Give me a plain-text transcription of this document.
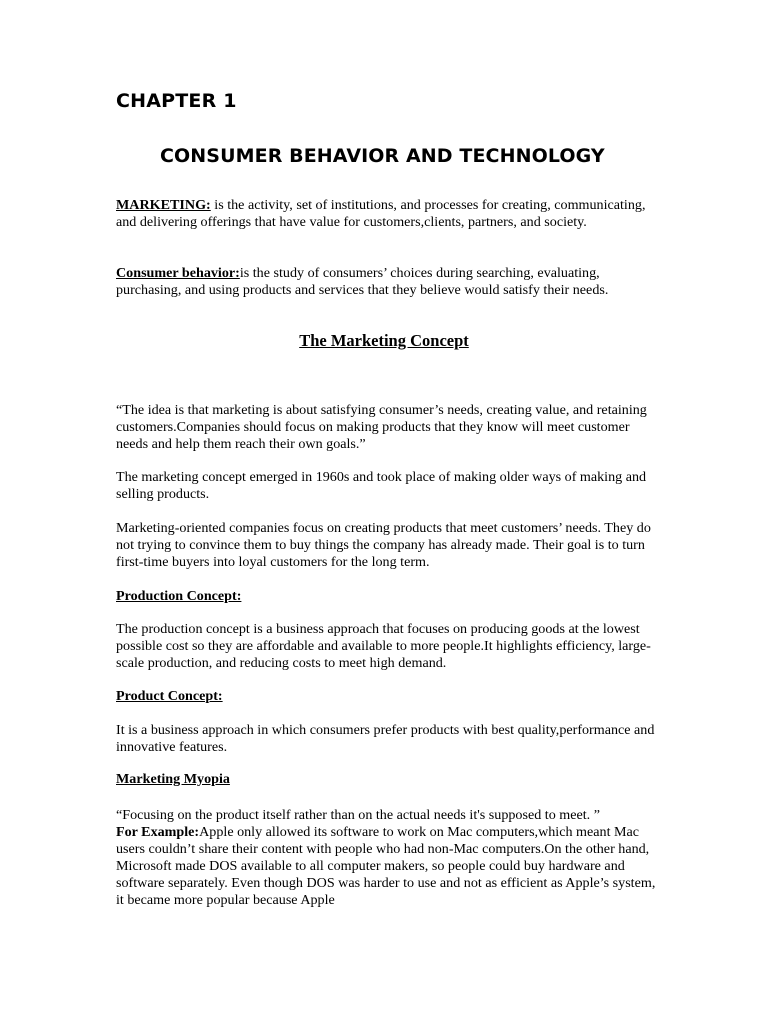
CHAPTER 1
CONSUMER BEHAVIOR AND TECHNOLOGY

MARKETING: is the activity, set of institutions, and processes for creating, communicating, and delivering offerings that have value for customers,clients, partners, and society.

Consumer behavior:is the study of consumers’ choices during searching, evaluating, purchasing, and using products and services that they believe would satisfy their needs.

The Marketing Concept

“The idea is that marketing is about satisfying consumer’s needs, creating value, and retaining customers.Companies should focus on making products that they know will meet customer needs and help them reach their own goals.”

The marketing concept emerged in 1960s and took place of making older ways of making and selling products.

Marketing-oriented companies focus on creating products that meet customers’ needs. They do not trying to convince them to buy things the company has already made. Their goal is to turn first-time buyers into loyal customers for the long term.

Production Concept:

The production concept is a business approach that focuses on producing goods at the lowest possible cost so they are affordable and available to more people.It highlights efficiency, large-scale production, and reducing costs to meet high demand.

Product Concept:

It is a business approach in which consumers prefer products with best quality,performance and innovative features.

Marketing Myopia

“Focusing on the product itself rather than on the actual needs it's supposed to meet. ”

For Example:Apple only allowed its software to work on Mac computers,which meant Mac users couldn’t share their content with people who had non-Mac computers.On the other hand, Microsoft made DOS available to all computer makers, so people could buy hardware and software separately. Even though DOS was harder to use and not as efficient as Apple’s system, it became more popular because Apple
